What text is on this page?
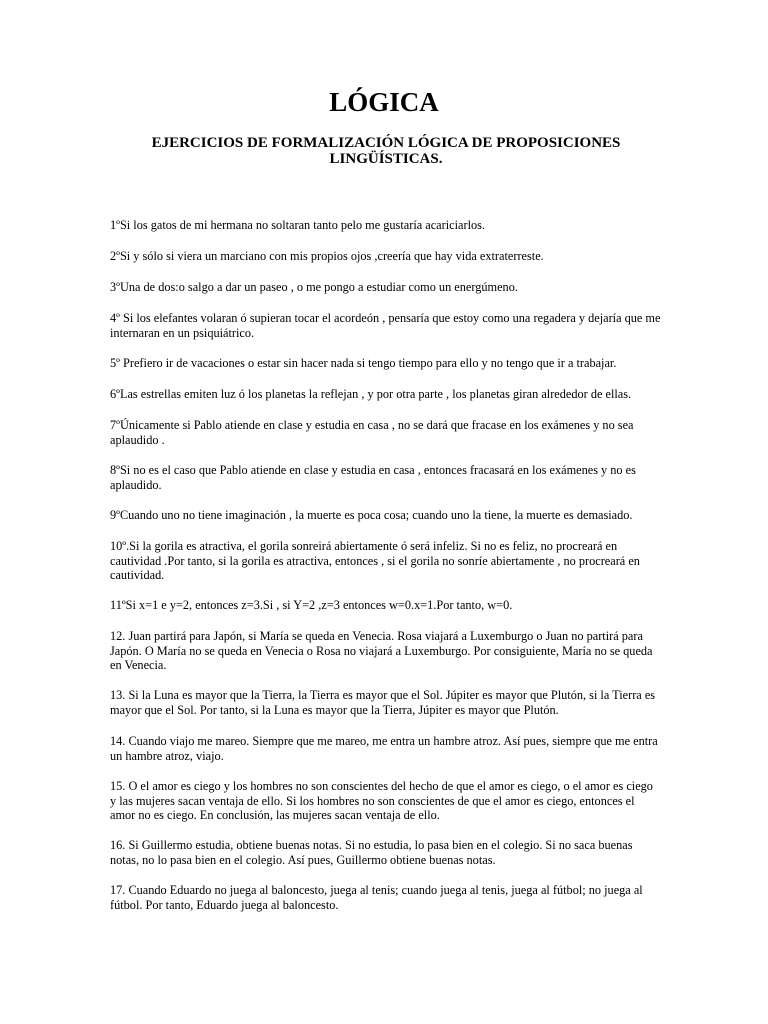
LÓGICA
EJERCICIOS DE FORMALIZACIÓN LÓGICA DE PROPOSICIONES LINGÜÍSTICAS.

1ºSi los gatos de mi hermana no soltaran tanto pelo me gustaría acariciarlos.

2ºSi y sólo si viera un marciano con mis propios ojos ,creería que hay vida extraterreste.

3ºUna de dos:o salgo a dar un paseo , o me pongo a estudiar como un energúmeno.

4º Si los elefantes volaran ó supieran tocar el acordeón , pensaría que estoy como una regadera y dejaría que me internaran en un psiquiátrico.

5º Prefiero ir de vacaciones o estar sin hacer nada si tengo tiempo para ello y no tengo que ir a trabajar.

6ºLas estrellas emiten luz ó los planetas la reflejan , y por otra parte , los planetas giran alrededor de ellas.

7ºÚnicamente si Pablo atiende en clase y estudia en casa , no se dará que fracase en los exámenes y no sea aplaudido .

8ºSi no es el caso que Pablo atiende en clase y estudia en casa , entonces fracasará en los exámenes y no es aplaudido.

9ºCuando uno no tiene imaginación , la muerte es poca cosa; cuando uno la tiene, la muerte es demasiado.

10º.Si la gorila es atractiva, el gorila sonreirá abiertamente ó será infeliz. Si no es feliz, no procreará en cautividad .Por tanto, si la gorila es atractiva, entonces , si el gorila no sonríe abiertamente , no procreará en cautividad.

11ºSi x=1 e y=2, entonces z=3.Si , si Y=2 ,z=3 entonces w=0.x=1.Por tanto, w=0.

12. Juan partirá para Japón, si María se queda en Venecia. Rosa viajará a Luxemburgo o Juan no partirá para Japón. O María no se queda en Venecia o Rosa no viajará a Luxemburgo. Por consiguiente, María no se queda en Venecia.

13. Si la Luna es mayor que la Tierra, la Tierra es mayor que el Sol. Júpiter es mayor que Plutón, si la Tierra es mayor que el Sol. Por tanto, si la Luna es mayor que la Tierra, Júpiter es mayor que Plutón.

14. Cuando viajo me mareo. Siempre que me mareo, me entra un hambre atroz. Así pues, siempre que me entra un hambre atroz, viajo.

15. O el amor es ciego y los hombres no son conscientes del hecho de que el amor es ciego, o el amor es ciego y las mujeres sacan ventaja de ello. Si los hombres no son conscientes de que el amor es ciego, entonces el amor no es ciego. En conclusión, las mujeres sacan ventaja de ello.

16. Si Guillermo estudia, obtiene buenas notas. Si no estudia, lo pasa bien en el colegio. Si no saca buenas notas, no lo pasa bien en el colegio. Así pues, Guillermo obtiene buenas notas.

17. Cuando Eduardo no juega al baloncesto, juega al tenis; cuando juega al tenis, juega al fútbol; no juega al fútbol. Por tanto, Eduardo juega al baloncesto.
